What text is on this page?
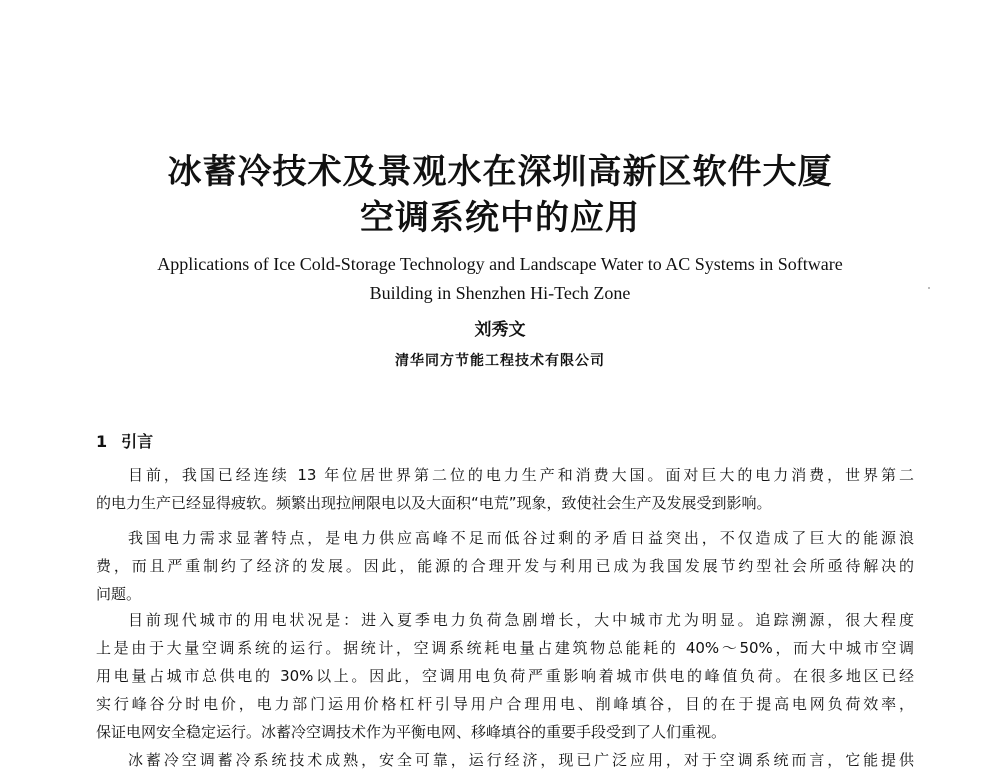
冰蓄冷技术及景观水在深圳高新区软件大厦
空调系统中的应用
Applications of Ice Cold-Storage Technology and Landscape Water to AC Systems in Software
Building in Shenzhen Hi-Tech Zone
刘秀文
清华同方节能工程技术有限公司
1 引言
目前，我国已经连续 13 年位居世界第二位的电力生产和消费大国。面对巨大的电力消费，世界第二
的电力生产已经显得疲软。频繁出现拉闸限电以及大面积“电荒”现象，致使社会生产及发展受到影响。
我国电力需求显著特点，是电力供应高峰不足而低谷过剩的矛盾日益突出，不仅造成了巨大的能源浪
费，而且严重制约了经济的发展。因此，能源的合理开发与利用已成为我国发展节约型社会所亟待解决的
问题。
目前现代城市的用电状况是：进入夏季电力负荷急剧增长，大中城市尤为明显。追踪溯源，很大程度
上是由于大量空调系统的运行。据统计，空调系统耗电量占建筑物总能耗的 40%～50%，而大中城市空调
用电量占城市总供电的 30%以上。因此，空调用电负荷严重影响着城市供电的峰值负荷。在很多地区已经
实行峰谷分时电价，电力部门运用价格杠杆引导用户合理用电、削峰填谷，目的在于提高电网负荷效率，
保证电网安全稳定运行。冰蓄冷空调技术作为平衡电网、移峰填谷的重要手段受到了人们重视。
冰蓄冷空调蓄冷系统技术成熟，安全可靠，运行经济，现已广泛应用，对于空调系统而言，它能提供
